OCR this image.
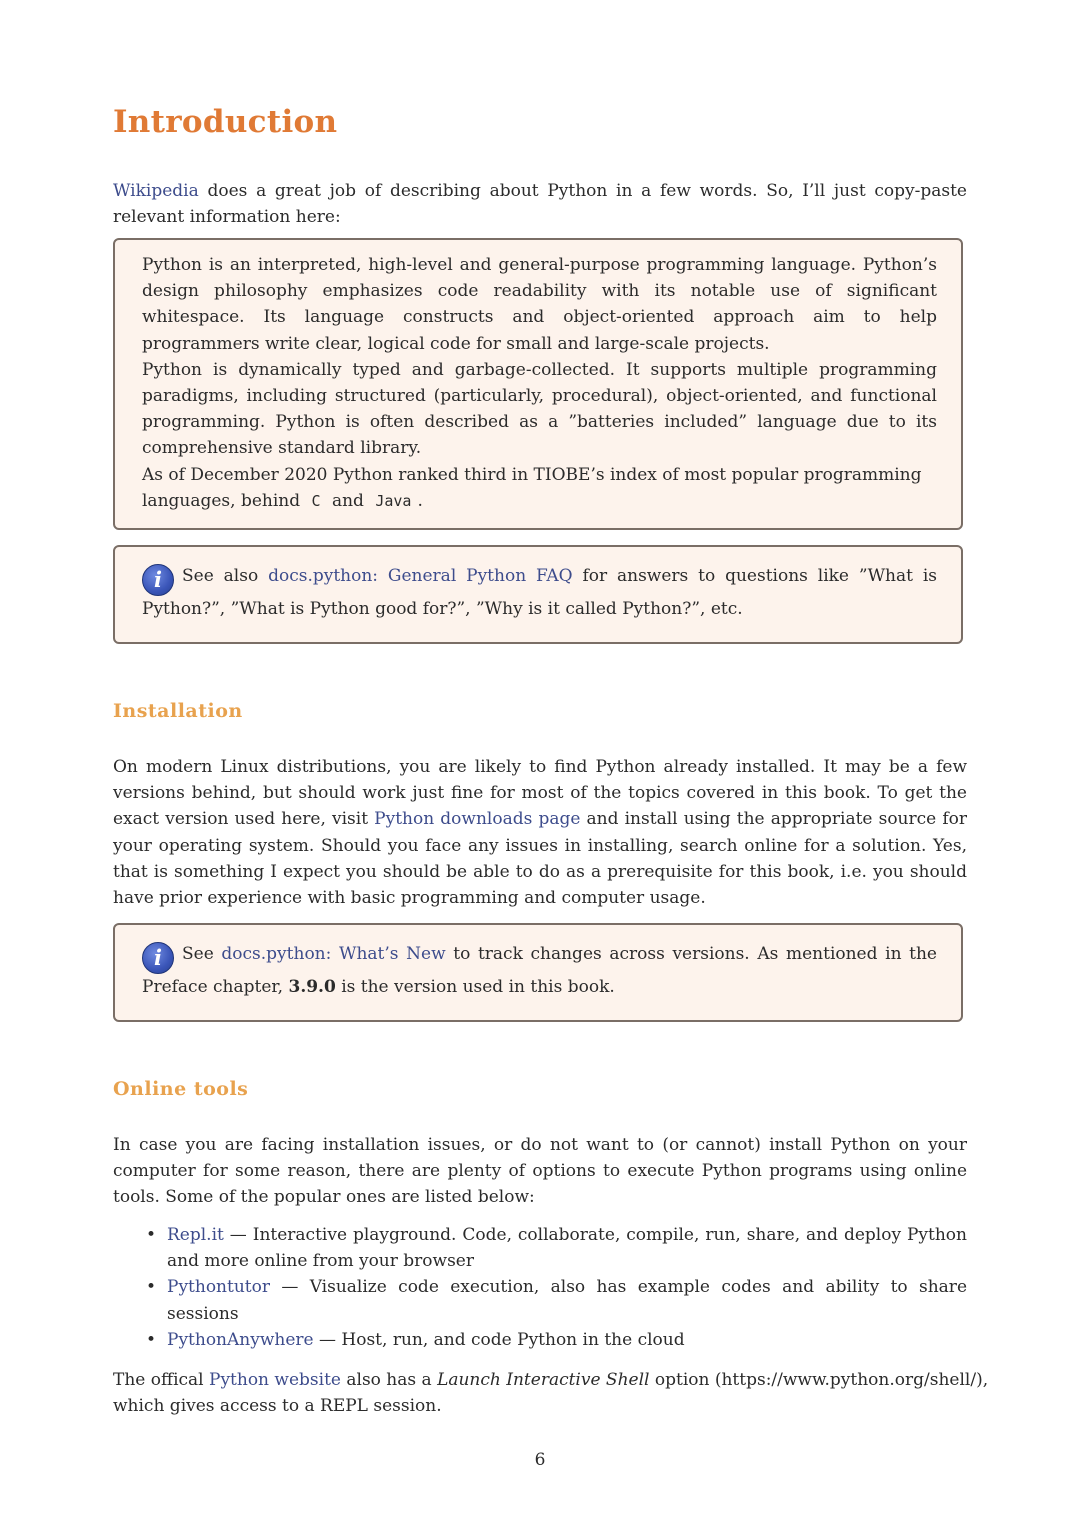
Introduction

Wikipedia does a great job of describing about Python in a few words. So, I’ll just copy-paste relevant information here:

Python is an interpreted, high-level and general-purpose programming language. Python’s design philosophy emphasizes code readability with its notable use of significant whitespace. Its language constructs and object-oriented approach aim to help programmers write clear, logical code for small and large-scale projects.

Python is dynamically typed and garbage-collected. It supports multiple programming paradigms, including structured (particularly, procedural), object-oriented, and functional programming. Python is often described as a ”batteries included” language due to its comprehensive standard library.

As of December 2020 Python ranked third in TIOBE’s index of most popular programming languages, behind C and Java .

i See also docs.python: General Python FAQ for answers to questions like ”What is Python?”, ”What is Python good for?”, ”Why is it called Python?”, etc.

Installation

On modern Linux distributions, you are likely to find Python already installed. It may be a few versions behind, but should work just fine for most of the topics covered in this book. To get the exact version used here, visit Python downloads page and install using the appropriate source for your operating system. Should you face any issues in installing, search online for a solution. Yes, that is something I expect you should be able to do as a prerequisite for this book, i.e. you should have prior experience with basic programming and computer usage.

i See docs.python: What’s New to track changes across versions. As mentioned in the Preface chapter, 3.9.0 is the version used in this book.

Online tools

In case you are facing installation issues, or do not want to (or cannot) install Python on your computer for some reason, there are plenty of options to execute Python programs using online tools. Some of the popular ones are listed below:

• Repl.it — Interactive playground. Code, collaborate, compile, run, share, and deploy Python and more online from your browser
• Pythontutor — Visualize code execution, also has example codes and ability to share sessions
• PythonAnywhere — Host, run, and code Python in the cloud

The offical Python website also has a Launch Interactive Shell option (https://www.python.org/shell/), which gives access to a REPL session.

6
